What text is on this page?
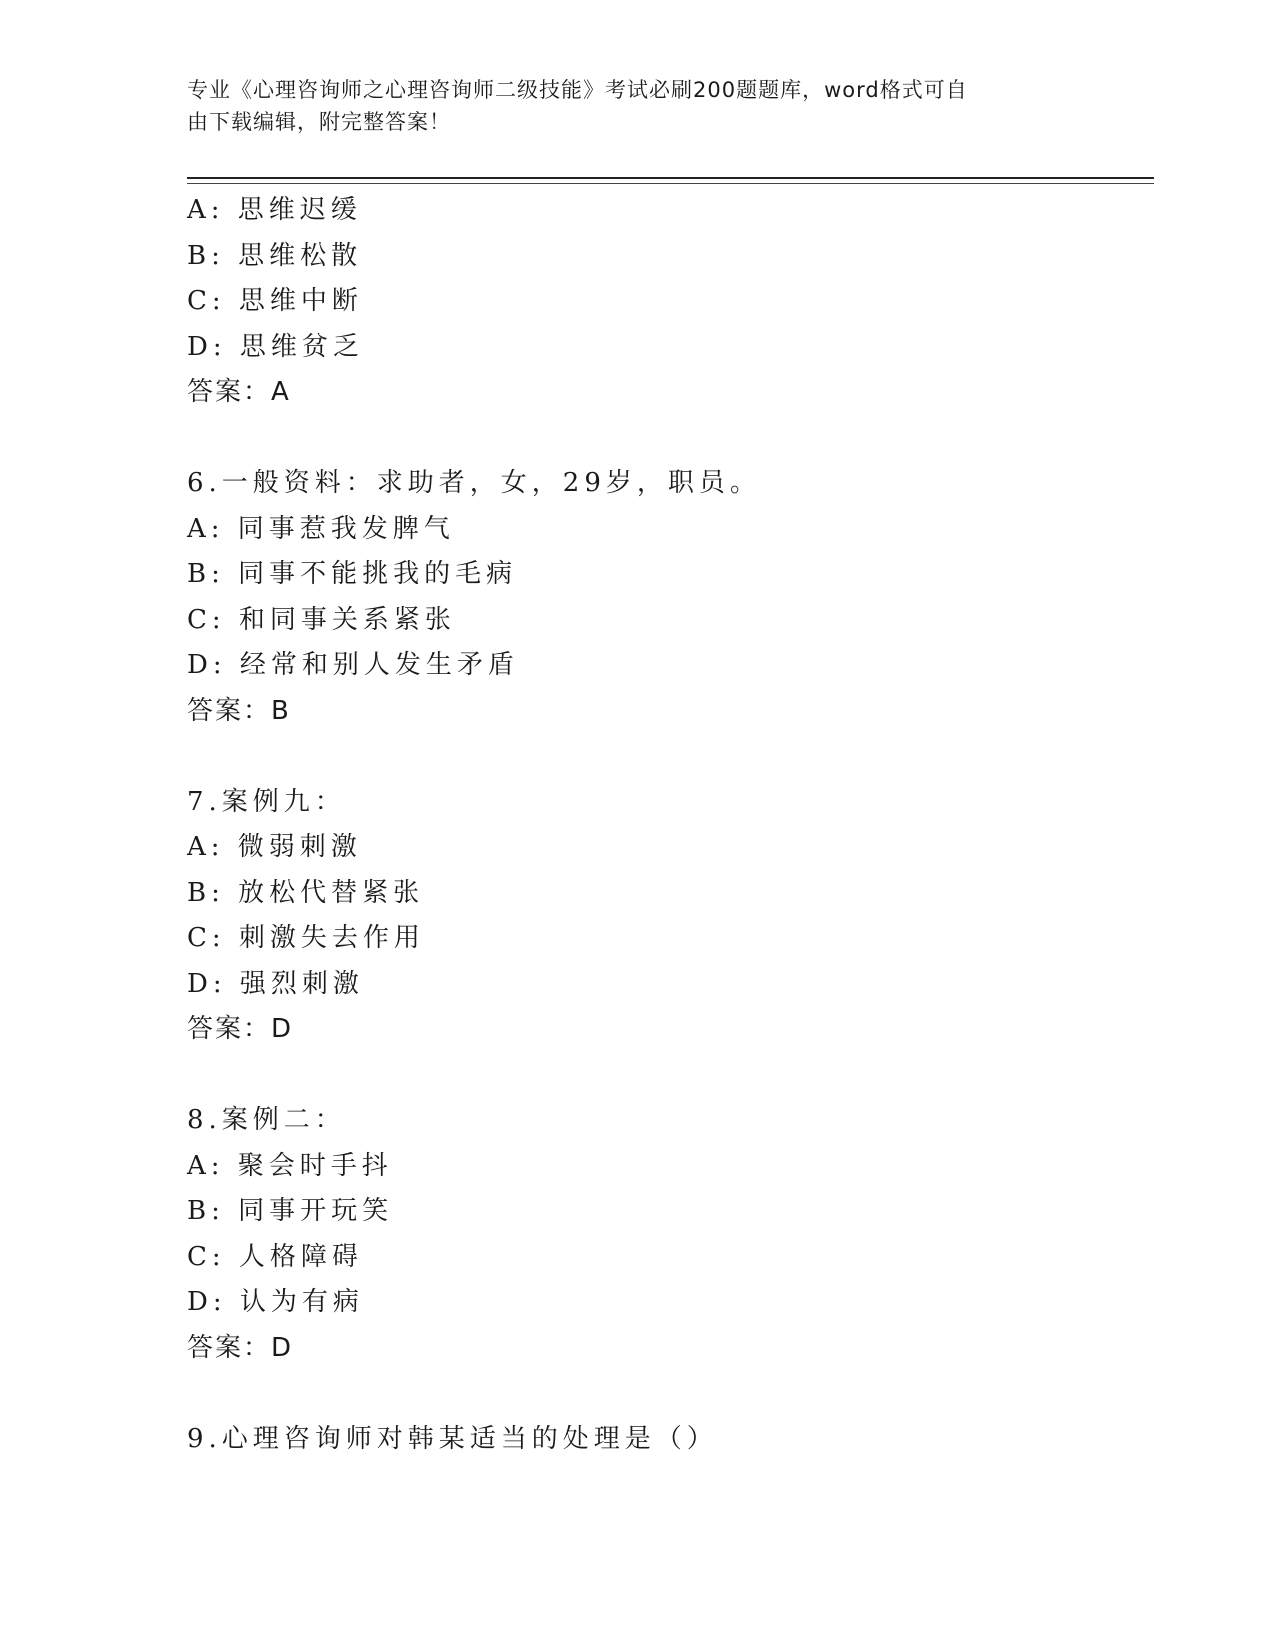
专业《心理咨询师之心理咨询师二级技能》考试必刷200题题库，word格式可自
由下载编辑，附完整答案！
A: 思维迟缓
B: 思维松散
C: 思维中断
D: 思维贫乏
答案：A
6.一般资料：求助者，女，29岁，职员。
A: 同事惹我发脾气
B: 同事不能挑我的毛病
C: 和同事关系紧张
D: 经常和别人发生矛盾
答案：B
7.案例九：
A: 微弱刺激
B: 放松代替紧张
C: 刺激失去作用
D: 强烈刺激
答案：D
8.案例二：
A: 聚会时手抖
B: 同事开玩笑
C: 人格障碍
D: 认为有病
答案：D
9.心理咨询师对韩某适当的处理是（）
